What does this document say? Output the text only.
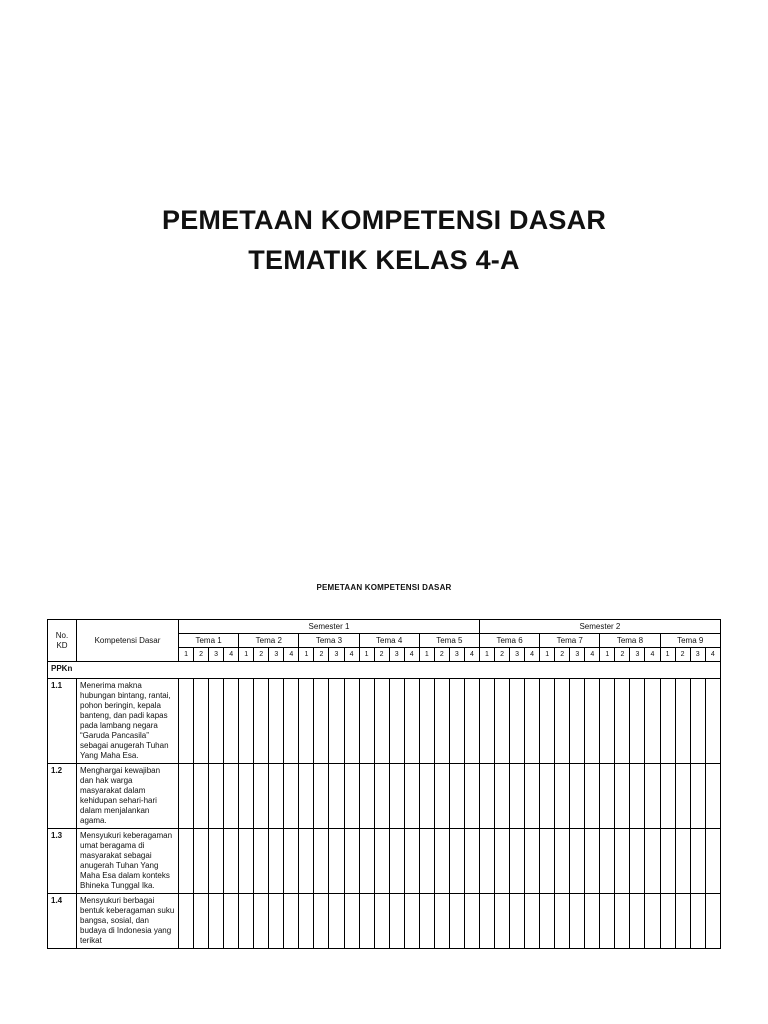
PEMETAAN KOMPETENSI DASAR
TEMATIK KELAS 4-A
PEMETAAN KOMPETENSI DASAR
No.
KD	Kompetensi Dasar	Semester 1																				Semester 2															
		Tema 1				Tema 2				Tema 3				Tema 4				Tema 5				Tema 6				Tema 7				Tema 8				Tema 9			
		1	2	3	4	1	2	3	4	1	2	3	4	1	2	3	4	1	2	3	4	1	2	3	4	1	2	3	4	1	2	3	4	1	2	3	4
PPKn																																					
1.1	Menerima makna hubungan bintang, rantai, pohon beringin, kepala banteng, dan padi kapas pada lambang negara “Garuda Pancasila” sebagai anugerah Tuhan Yang Maha Esa.																																				
1.2	Menghargai kewajiban dan hak warga masyarakat dalam kehidupan sehari-hari dalam menjalankan agama.																																				
1.3	Mensyukuri keberagaman umat beragama di masyarakat sebagai anugerah Tuhan Yang Maha Esa dalam konteks Bhineka Tunggal Ika.																																				
1.4	Mensyukuri berbagai bentuk keberagaman suku bangsa, sosial, dan budaya di Indonesia yang terikat																																				
